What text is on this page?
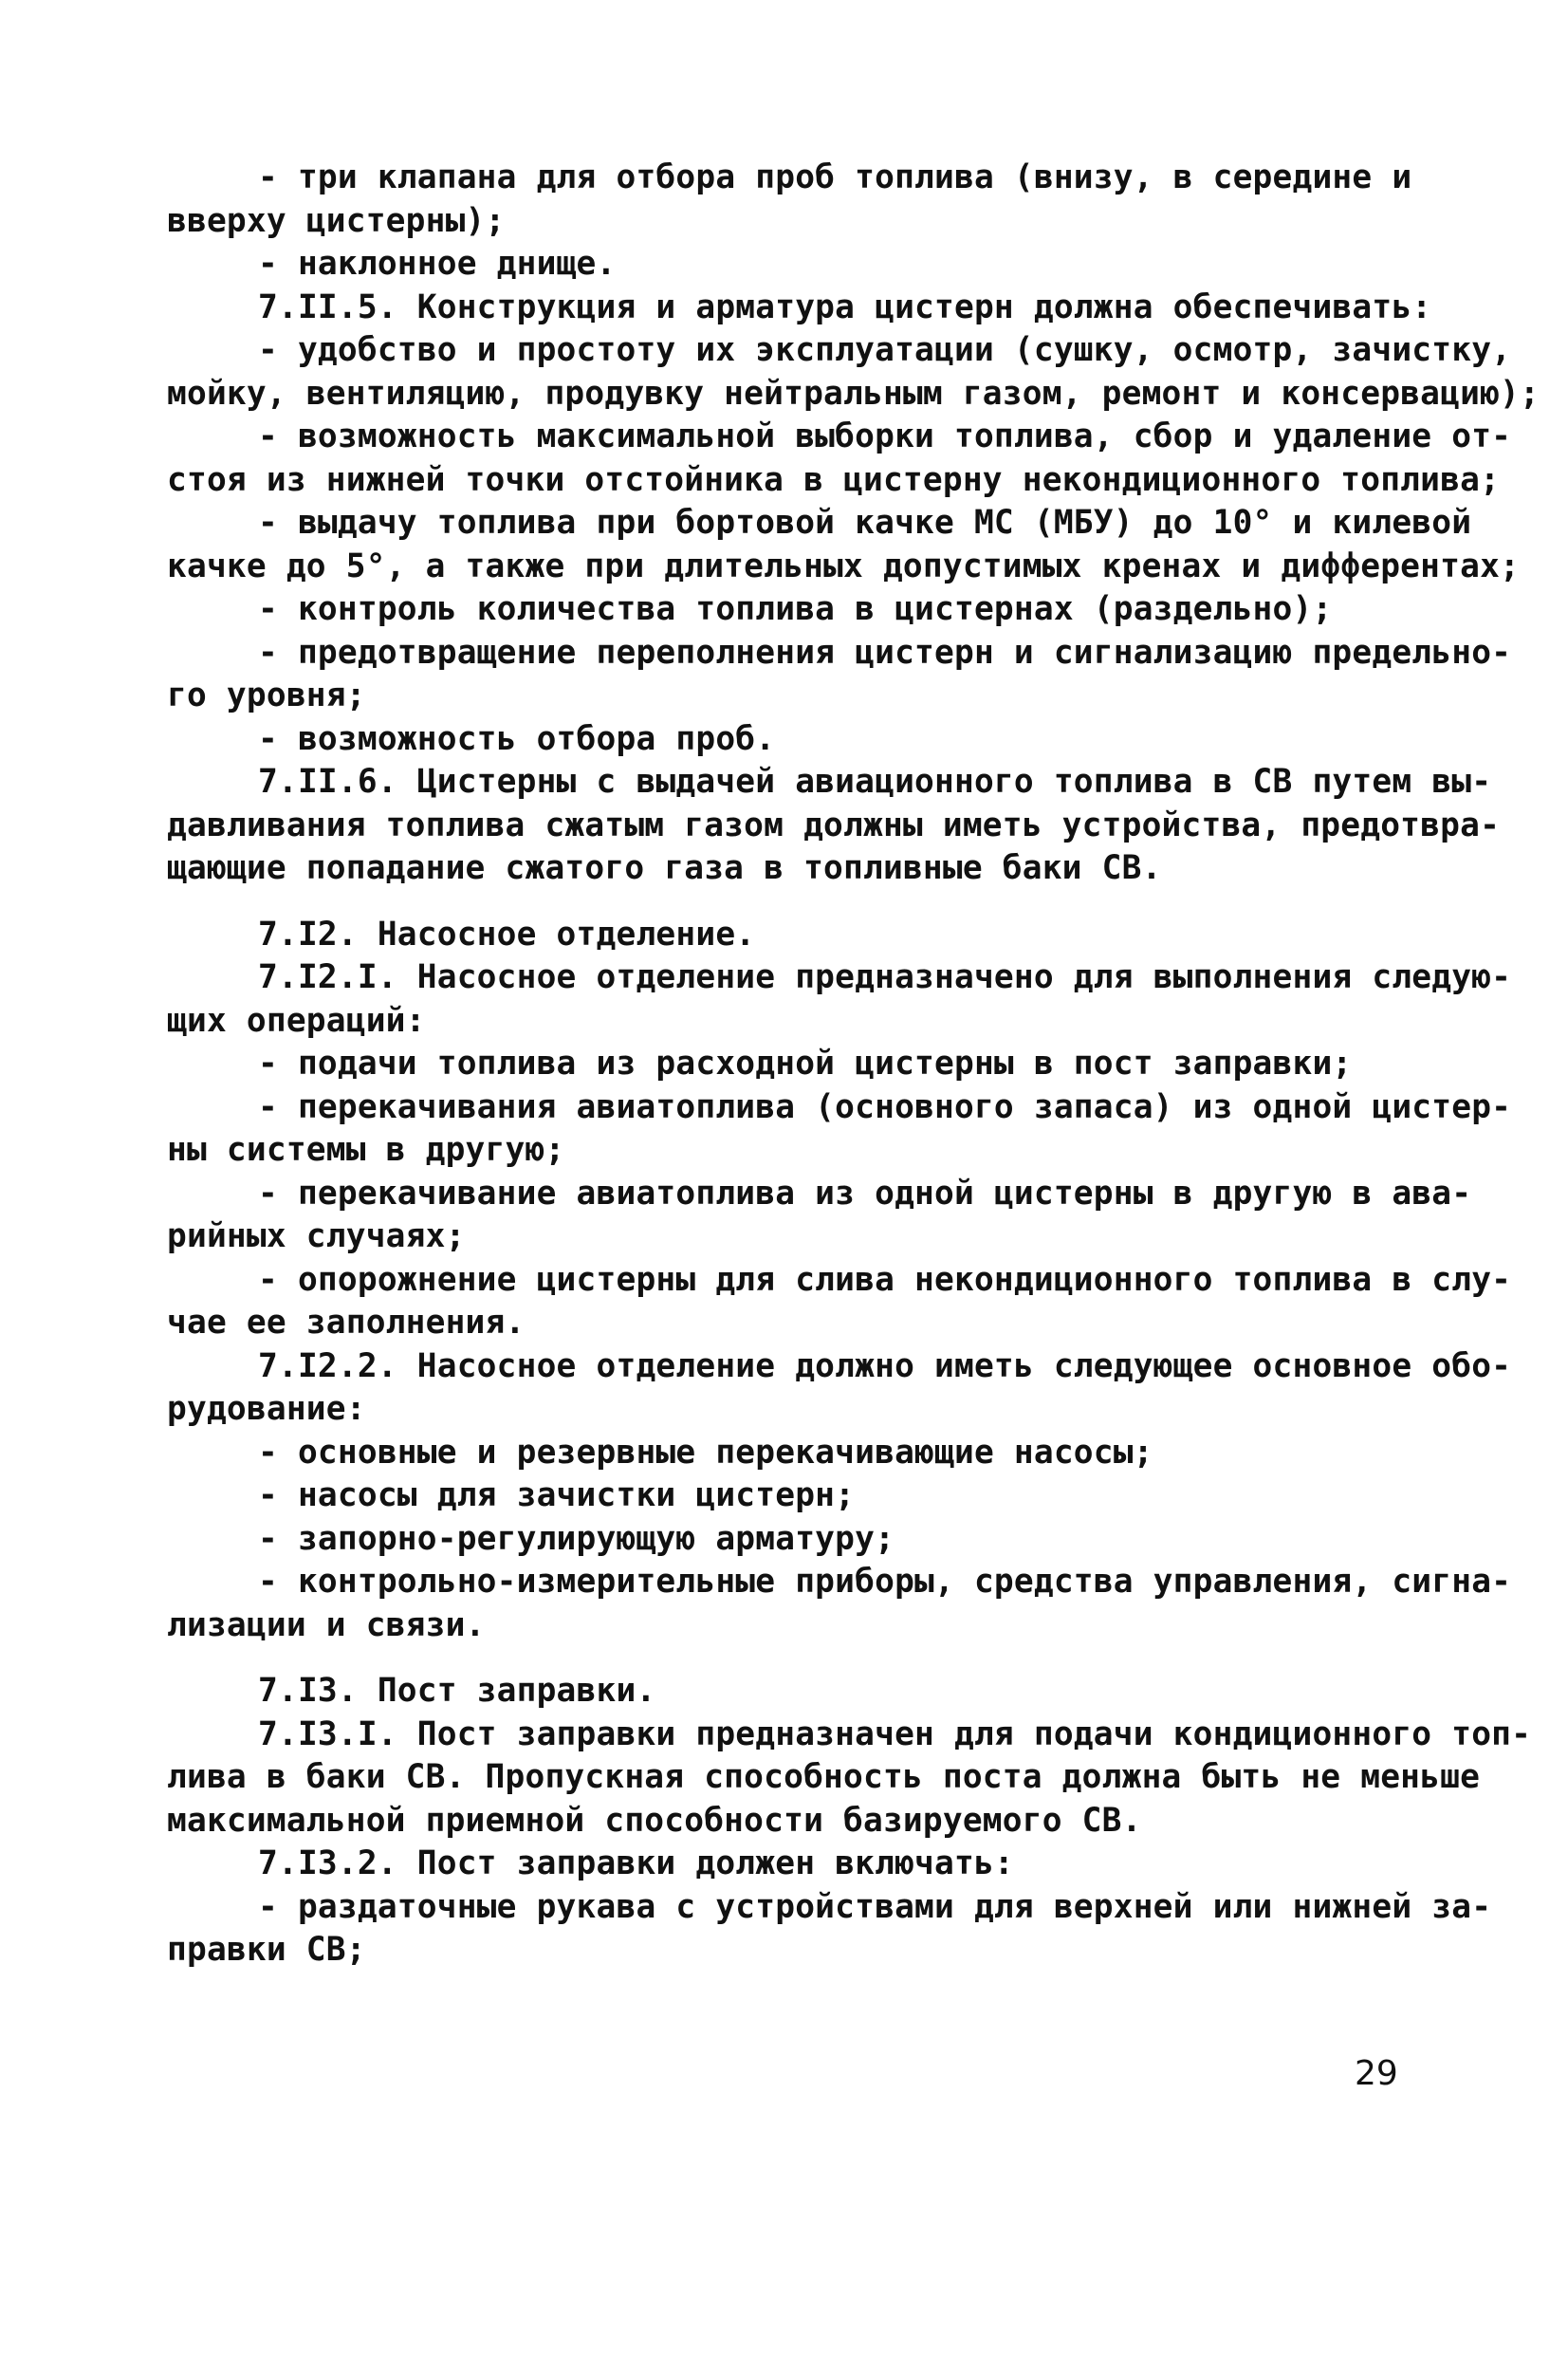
- три клапана для отбора проб топлива (внизу, в середине и
вверху цистерны);
- наклонное днище.
7.II.5. Конструкция и арматура цистерн должна обеспечивать:
- удобство и простоту их эксплуатации (сушку, осмотр, зачистку,
мойку, вентиляцию, продувку нейтральным газом, ремонт и консервацию);
- возможность максимальной выборки топлива, сбор и удаление от-
стоя из нижней точки отстойника в цистерну некондиционного топлива;
- выдачу топлива при бортовой качке МС (МБУ) до 10° и килевой
качке до 5°, а также при длительных допустимых кренах и дифферентах;
- контроль количества топлива в цистернах (раздельно);
- предотвращение переполнения цистерн и сигнализацию предельно-
го уровня;
- возможность отбора проб.
7.II.6. Цистерны с выдачей авиационного топлива в СВ путем вы-
давливания топлива сжатым газом должны иметь устройства, предотвра-
щающие попадание сжатого газа в топливные баки СВ.
7.I2. Насосное отделение.
7.I2.I. Насосное отделение предназначено для выполнения следую-
щих операций:
- подачи топлива из расходной цистерны в пост заправки;
- перекачивания авиатоплива (основного запаса) из одной цистер-
ны системы в другую;
- перекачивание авиатоплива из одной цистерны в другую в ава-
рийных случаях;
- опорожнение цистерны для слива некондиционного топлива в слу-
чае ее заполнения.
7.I2.2. Насосное отделение должно иметь следующее основное обо-
рудование:
- основные и резервные перекачивающие насосы;
- насосы для зачистки цистерн;
- запорно-регулирующую арматуру;
- контрольно-измерительные приборы, средства управления, сигна-
лизации и связи.
7.I3. Пост заправки.
7.I3.I. Пост заправки предназначен для подачи кондиционного топ-
лива в баки СВ. Пропускная способность поста должна быть не меньше
максимальной приемной способности базируемого СВ.
7.I3.2. Пост заправки должен включать:
- раздаточные рукава с устройствами для верхней или нижней за-
правки СВ;
29
